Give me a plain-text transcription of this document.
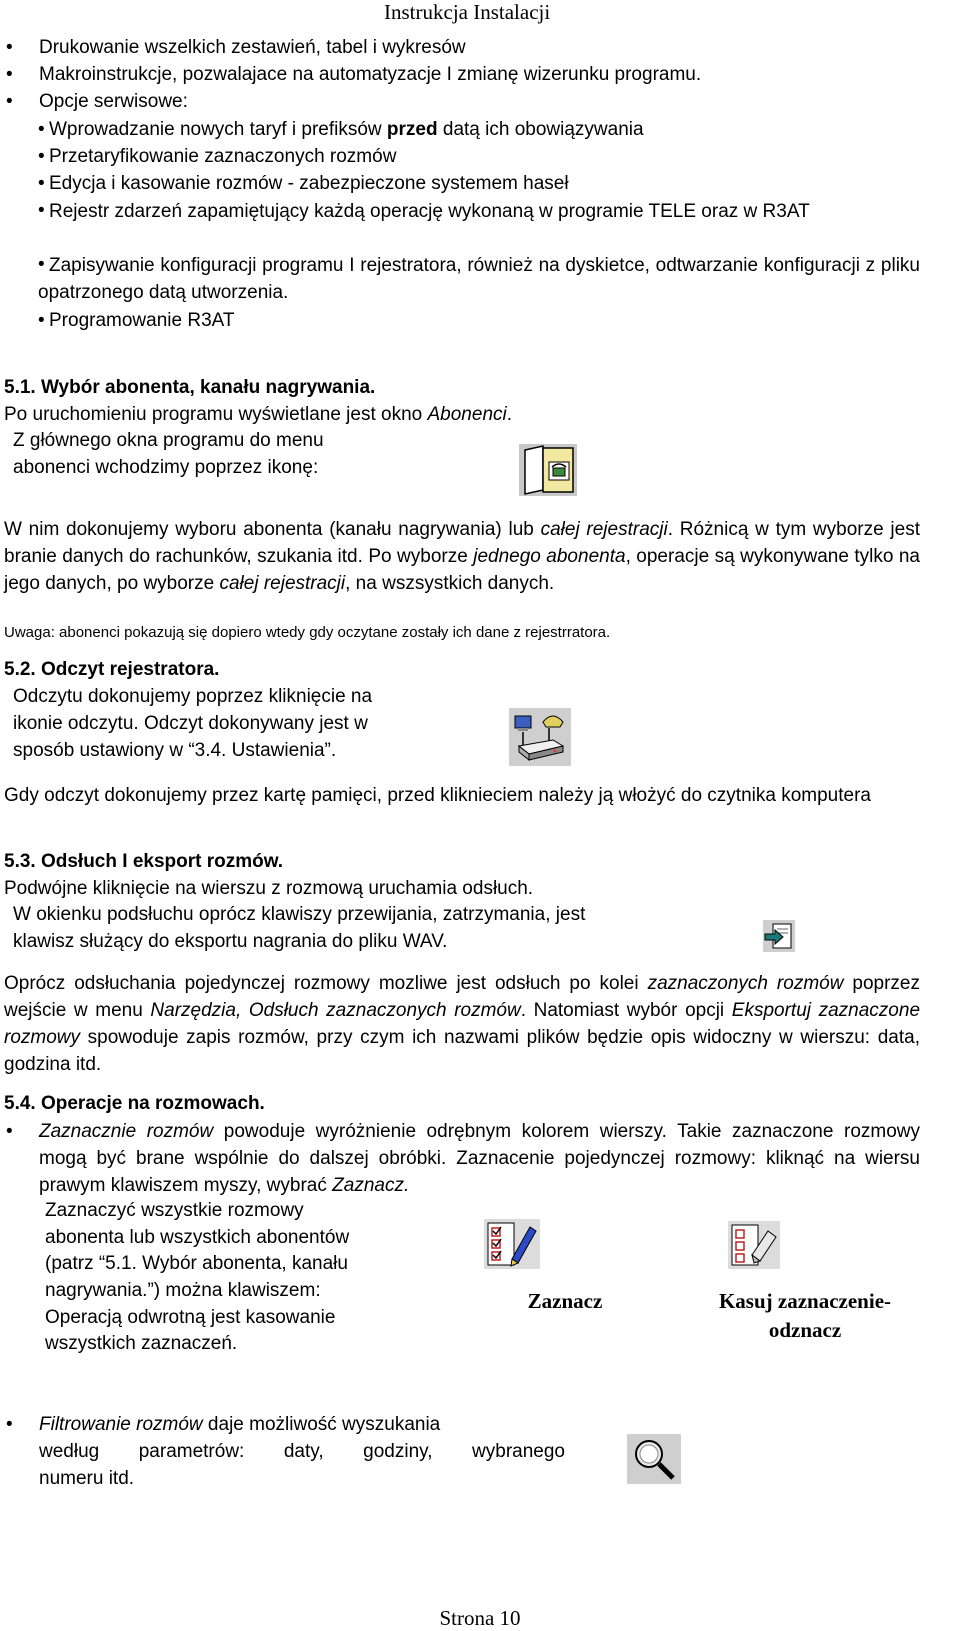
Instrukcja Instalacji
• Drukowanie wszelkich zestawień, tabel i wykresów
• Makroinstrukcje, pozwalajace na automatyzacje I zmianę wizerunku programu.
• Opcje serwisowe:
• Wprowadzanie nowych taryf i prefiksów przed datą ich obowiązywania
• Przetaryfikowanie zaznaczonych rozmów
• Edycja i kasowanie rozmów - zabezpieczone systemem haseł
• Rejestr zdarzeń zapamiętujący każdą operację wykonaną w programie TELE oraz w R3AT
• Zapisywanie konfiguracji programu I rejestratora, również na dyskietce, odtwarzanie konfiguracji z pliku opatrzonego datą utworzenia.
• Programowanie R3AT
5.1. Wybór abonenta, kanału nagrywania.
Po uruchomieniu programu wyświetlane jest okno Abonenci.
Z głównego okna programu do menu
abonenci wchodzimy poprzez ikonę:
W nim dokonujemy wyboru abonenta (kanału nagrywania) lub całej rejestracji. Różnicą w tym wyborze jest branie danych do rachunków, szukania itd. Po wyborze jednego abonenta, operacje są wykonywane tylko na jego danych, po wyborze całej rejestracji, na wszsystkich danych.
Uwaga: abonenci pokazują się dopiero wtedy gdy oczytane zostały ich dane z rejestrratora.
5.2. Odczyt rejestratora.
Odczytu dokonujemy poprzez kliknięcie na
ikonie odczytu. Odczyt dokonywany jest w
sposób ustawiony w “3.4. Ustawienia”.
Gdy odczyt dokonujemy przez kartę pamięci, przed kliknieciem należy ją włożyć do czytnika komputera
5.3. Odsłuch I eksport rozmów.
Podwójne kliknięcie na wierszu z rozmową uruchamia odsłuch.
W okienku podsłuchu oprócz klawiszy przewijania, zatrzymania, jest
klawisz służący do eksportu nagrania do pliku WAV.
Oprócz odsłuchania pojedynczej rozmowy mozliwe jest odsłuch po kolei zaznaczonych rozmów poprzez wejście w menu Narzędzia, Odsłuch zaznaczonych rozmów. Natomiast wybór opcji Eksportuj zaznaczone rozmowy spowoduje zapis rozmów, przy czym ich nazwami plików będzie opis widoczny w wierszu: data, godzina itd.
5.4. Operacje na rozmowach.
• Zaznacznie rozmów powoduje wyróżnienie odrębnym kolorem wierszy. Takie zaznaczone rozmowy mogą być brane wspólnie do dalszej obróbki. Zaznacenie pojedynczej rozmowy: kliknąć na wiersu prawym klawiszem myszy, wybrać Zaznacz.
Zaznaczyć wszystkie rozmowy
abonenta lub wszystkich abonentów
(patrz “5.1. Wybór abonenta, kanału
nagrywania.”) można klawiszem:
Operacją odwrotną jest kasowanie
wszystkich zaznaczeń.
Zaznacz	Kasuj zaznaczenie-
odznacz
• Filtrowanie rozmów daje możliwość wyszukania
według parametrów: daty, godziny, wybranego
numeru itd.
Strona 10
